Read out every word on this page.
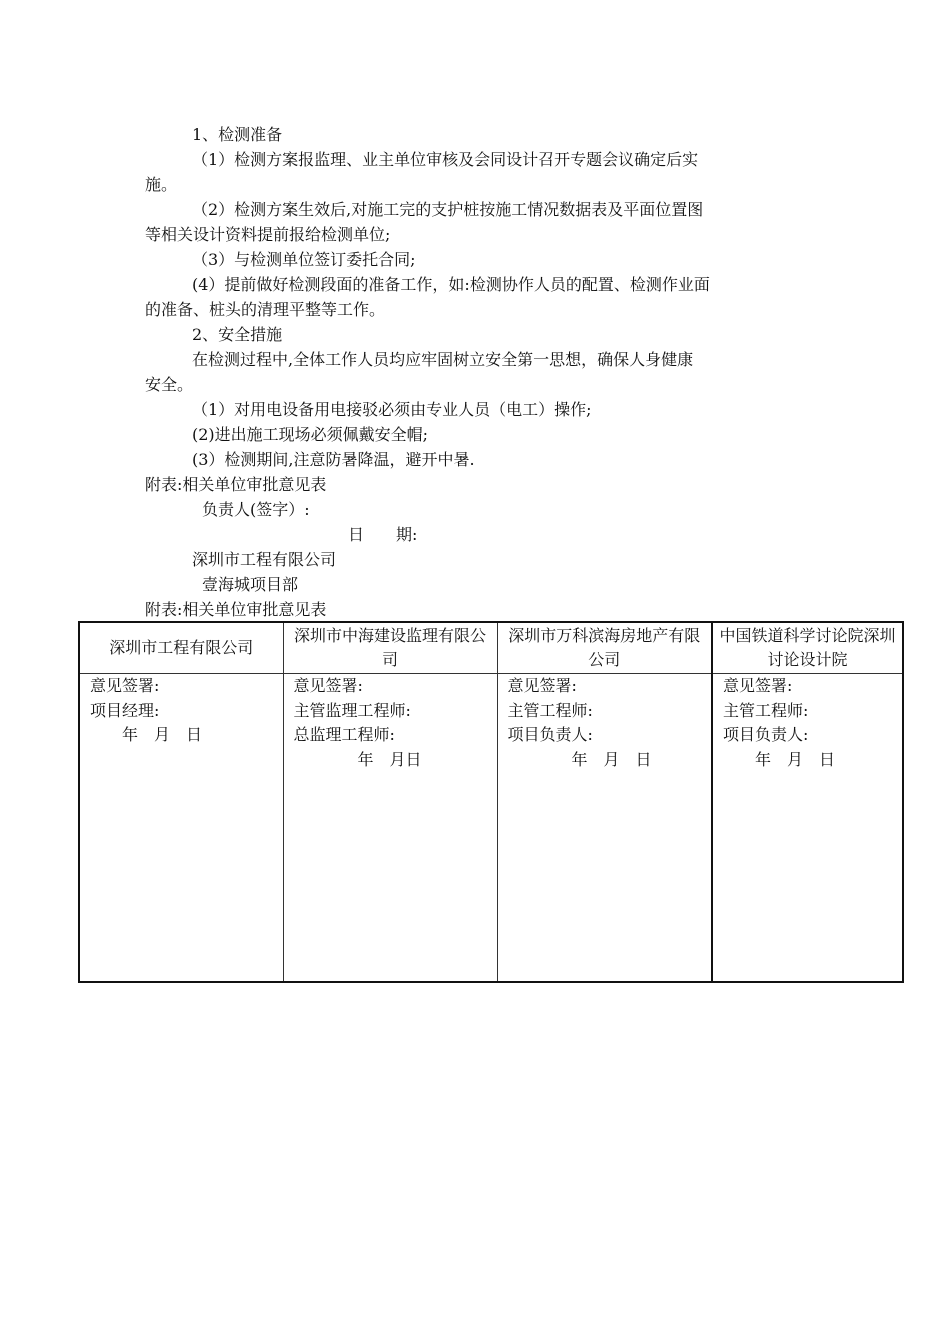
1、检测准备
（1）检测方案报监理、业主单位审核及会同设计召开专题会议确定后实
施。
（2）检测方案生效后,对施工完的支护桩按施工情况数据表及平面位置图
等相关设计资料提前报给检测单位;
（3）与检测单位签订委托合同;
(4）提前做好检测段面的准备工作，如:检测协作人员的配置、检测作业面
的准备、桩头的清理平整等工作。
2、安全措施
在检测过程中,全体工作人员均应牢固树立安全第一思想，确保人身健康
安全。
（1）对用电设备用电接驳必须由专业人员（电工）操作;
(2)进出施工现场必须佩戴安全帽;
(3）检测期间,注意防暑降温，避开中暑.
附表:相关单位审批意见表
负责人(签字）:
日　　期:
深圳市工程有限公司
壹海城项目部
附表:相关单位审批意见表
深圳市工程有限公司	深圳市中海建设监理有限公司	深圳市万科滨海房地产有限公司	中国铁道科学讨论院深圳讨论设计院

意见签署:
项目经理:
　　年　月　日	意见签署:
主管监理工程师:
总监理工程师:
　　　　年　月日	意见签署:
主管工程师:
项目负责人:
　　　　年　月　日	意见签署:
主管工程师:
项目负责人:
　　年　月　日
